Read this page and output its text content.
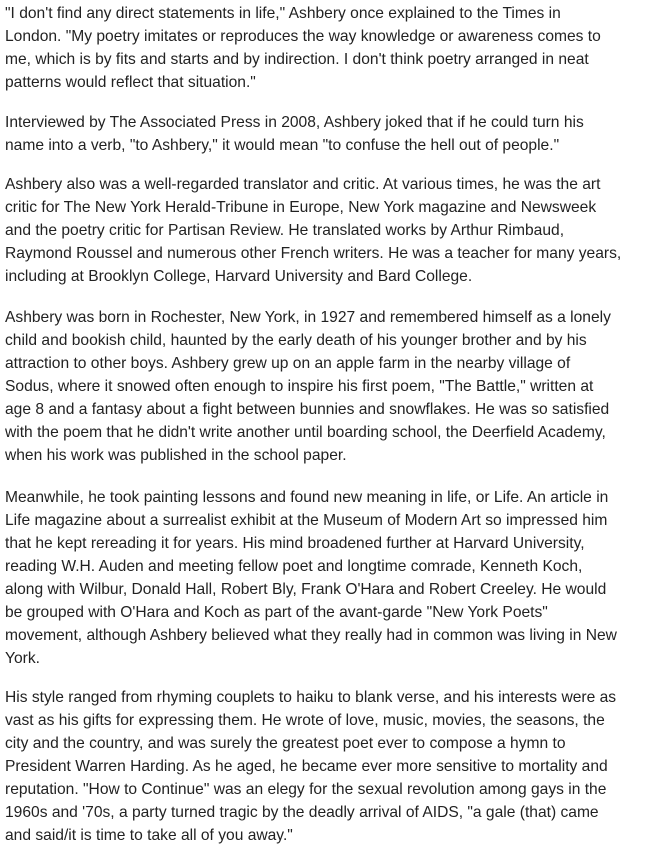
"I don't find any direct statements in life," Ashbery once explained to the Times in
London. "My poetry imitates or reproduces the way knowledge or awareness comes to
me, which is by fits and starts and by indirection. I don't think poetry arranged in neat
patterns would reflect that situation."

Interviewed by The Associated Press in 2008, Ashbery joked that if he could turn his
name into a verb, "to Ashbery," it would mean "to confuse the hell out of people."

Ashbery also was a well-regarded translator and critic. At various times, he was the art
critic for The New York Herald-Tribune in Europe, New York magazine and Newsweek
and the poetry critic for Partisan Review. He translated works by Arthur Rimbaud,
Raymond Roussel and numerous other French writers. He was a teacher for many years,
including at Brooklyn College, Harvard University and Bard College.

Ashbery was born in Rochester, New York, in 1927 and remembered himself as a lonely
child and bookish child, haunted by the early death of his younger brother and by his
attraction to other boys. Ashbery grew up on an apple farm in the nearby village of
Sodus, where it snowed often enough to inspire his first poem, "The Battle," written at
age 8 and a fantasy about a fight between bunnies and snowflakes. He was so satisfied
with the poem that he didn't write another until boarding school, the Deerfield Academy,
when his work was published in the school paper.

Meanwhile, he took painting lessons and found new meaning in life, or Life. An article in
Life magazine about a surrealist exhibit at the Museum of Modern Art so impressed him
that he kept rereading it for years. His mind broadened further at Harvard University,
reading W.H. Auden and meeting fellow poet and longtime comrade, Kenneth Koch,
along with Wilbur, Donald Hall, Robert Bly, Frank O'Hara and Robert Creeley. He would
be grouped with O'Hara and Koch as part of the avant-garde "New York Poets"
movement, although Ashbery believed what they really had in common was living in New
York.

His style ranged from rhyming couplets to haiku to blank verse, and his interests were as
vast as his gifts for expressing them. He wrote of love, music, movies, the seasons, the
city and the country, and was surely the greatest poet ever to compose a hymn to
President Warren Harding. As he aged, he became ever more sensitive to mortality and
reputation. "How to Continue" was an elegy for the sexual revolution among gays in the
1960s and '70s, a party turned tragic by the deadly arrival of AIDS, "a gale (that) came
and said/it is time to take all of you away."
